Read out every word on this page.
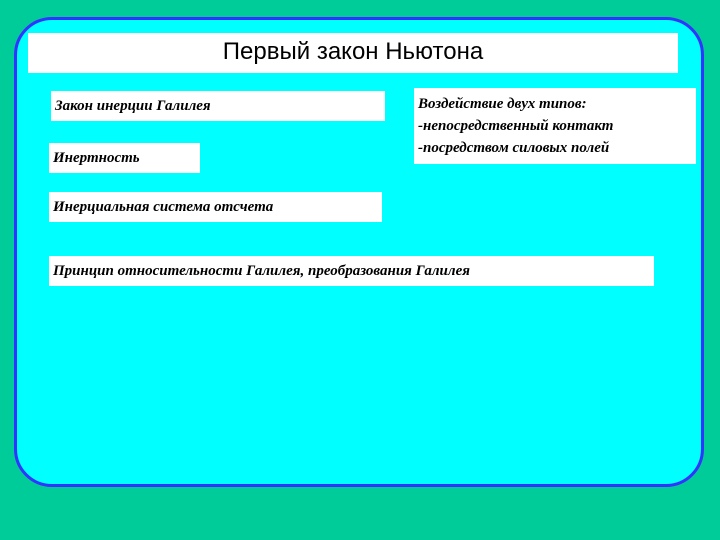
Первый закон Ньютона
Закон инерции Галилея
Инертность
Инерциальная система отсчета
Принцип относительности Галилея, преобразования Галилея
Воздействие двух типов:
-непосредственный контакт
-посредством силовых полей
